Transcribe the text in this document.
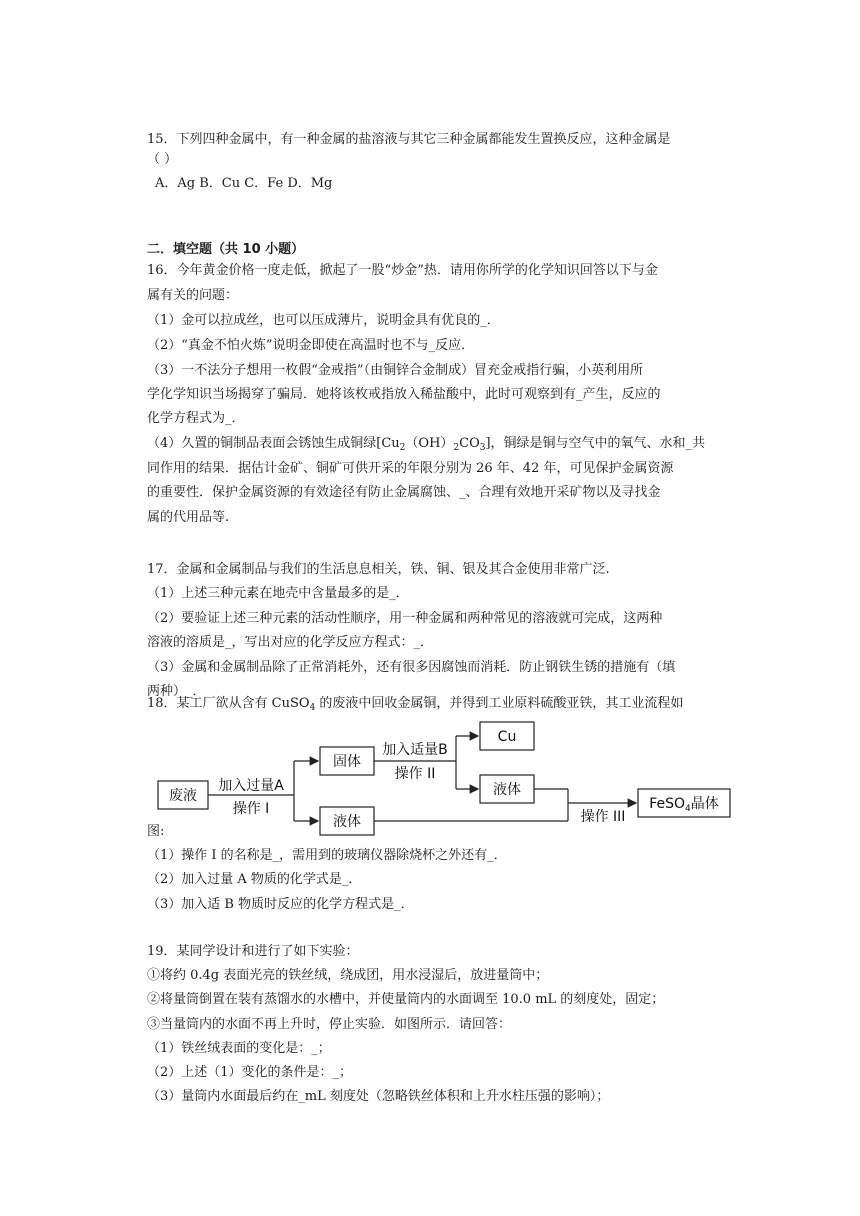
15．下列四种金属中，有一种金属的盐溶液与其它三种金属都能发生置换反应，这种金属是
（ ）
A．Ag B．Cu C．Fe D．Mg
二．填空题（共 10 小题）
16．今年黄金价格一度走低，掀起了一股“炒金”热．请用你所学的化学知识回答以下与金
属有关的问题：
（1）金可以拉成丝，也可以压成薄片，说明金具有优良的_．
（2）“真金不怕火炼”说明金即使在高温时也不与_反应．
（3）一不法分子想用一枚假“金戒指”（由铜锌合金制成）冒充金戒指行骗，小英利用所
学化学知识当场揭穿了骗局．她将该枚戒指放入稀盐酸中，此时可观察到有_产生，反应的
化学方程式为_．
（4）久置的铜制品表面会锈蚀生成铜绿$[Cu_2(OH)_2CO_3]$，铜绿是铜与空气中的氧气、水和_共
同作用的结果．据估计金矿、铜矿可供开采的年限分别为 26 年、42 年，可见保护金属资源
的重要性．保护金属资源的有效途径有防止金属腐蚀、_、合理有效地开采矿物以及寻找金
属的代用品等.
17．金属和金属制品与我们的生活息息相关，铁、铜、银及其合金使用非常广泛.
（1）上述三种元素在地壳中含量最多的是_．
（2）要验证上述三种元素的活动性顺序，用一种金属和两种常见的溶液就可完成，这两种
溶液的溶质是_，写出对应的化学反应方程式：_．
（3）金属和金属制品除了正常消耗外，还有很多因腐蚀而消耗．防止钢铁生锈的措施有（填
两种）_．
18．某工厂欲从含有 CuSO$_4$ 的废液中回收金属铜，并得到工业原料硫酸亚铁，其工业流程如
废液
加入过量A
操作 I
固体
液体
加入适量B
操作 II
Cu
液体
操作 III
FeSO$_4$晶体
图:
（1）操作 I 的名称是_，需用到的玻璃仪器除烧杯之外还有_．
（2）加入过量 A 物质的化学式是_．
（3）加入适 B 物质时反应的化学方程式是_．
19．某同学设计和进行了如下实验：
①将约 0.4g 表面光亮的铁丝绒，绕成团，用水浸湿后，放进量筒中；
②将量筒倒置在装有蒸馏水的水槽中，并使量筒内的水面调至 10.0 mL 的刻度处，固定；
③当量筒内的水面不再上升时，停止实验．如图所示．请回答：
（1）铁丝绒表面的变化是：_；
（2）上述（1）变化的条件是：_；
（3）量筒内水面最后约在_mL 刻度处（忽略铁丝体积和上升水柱压强的影响）；
